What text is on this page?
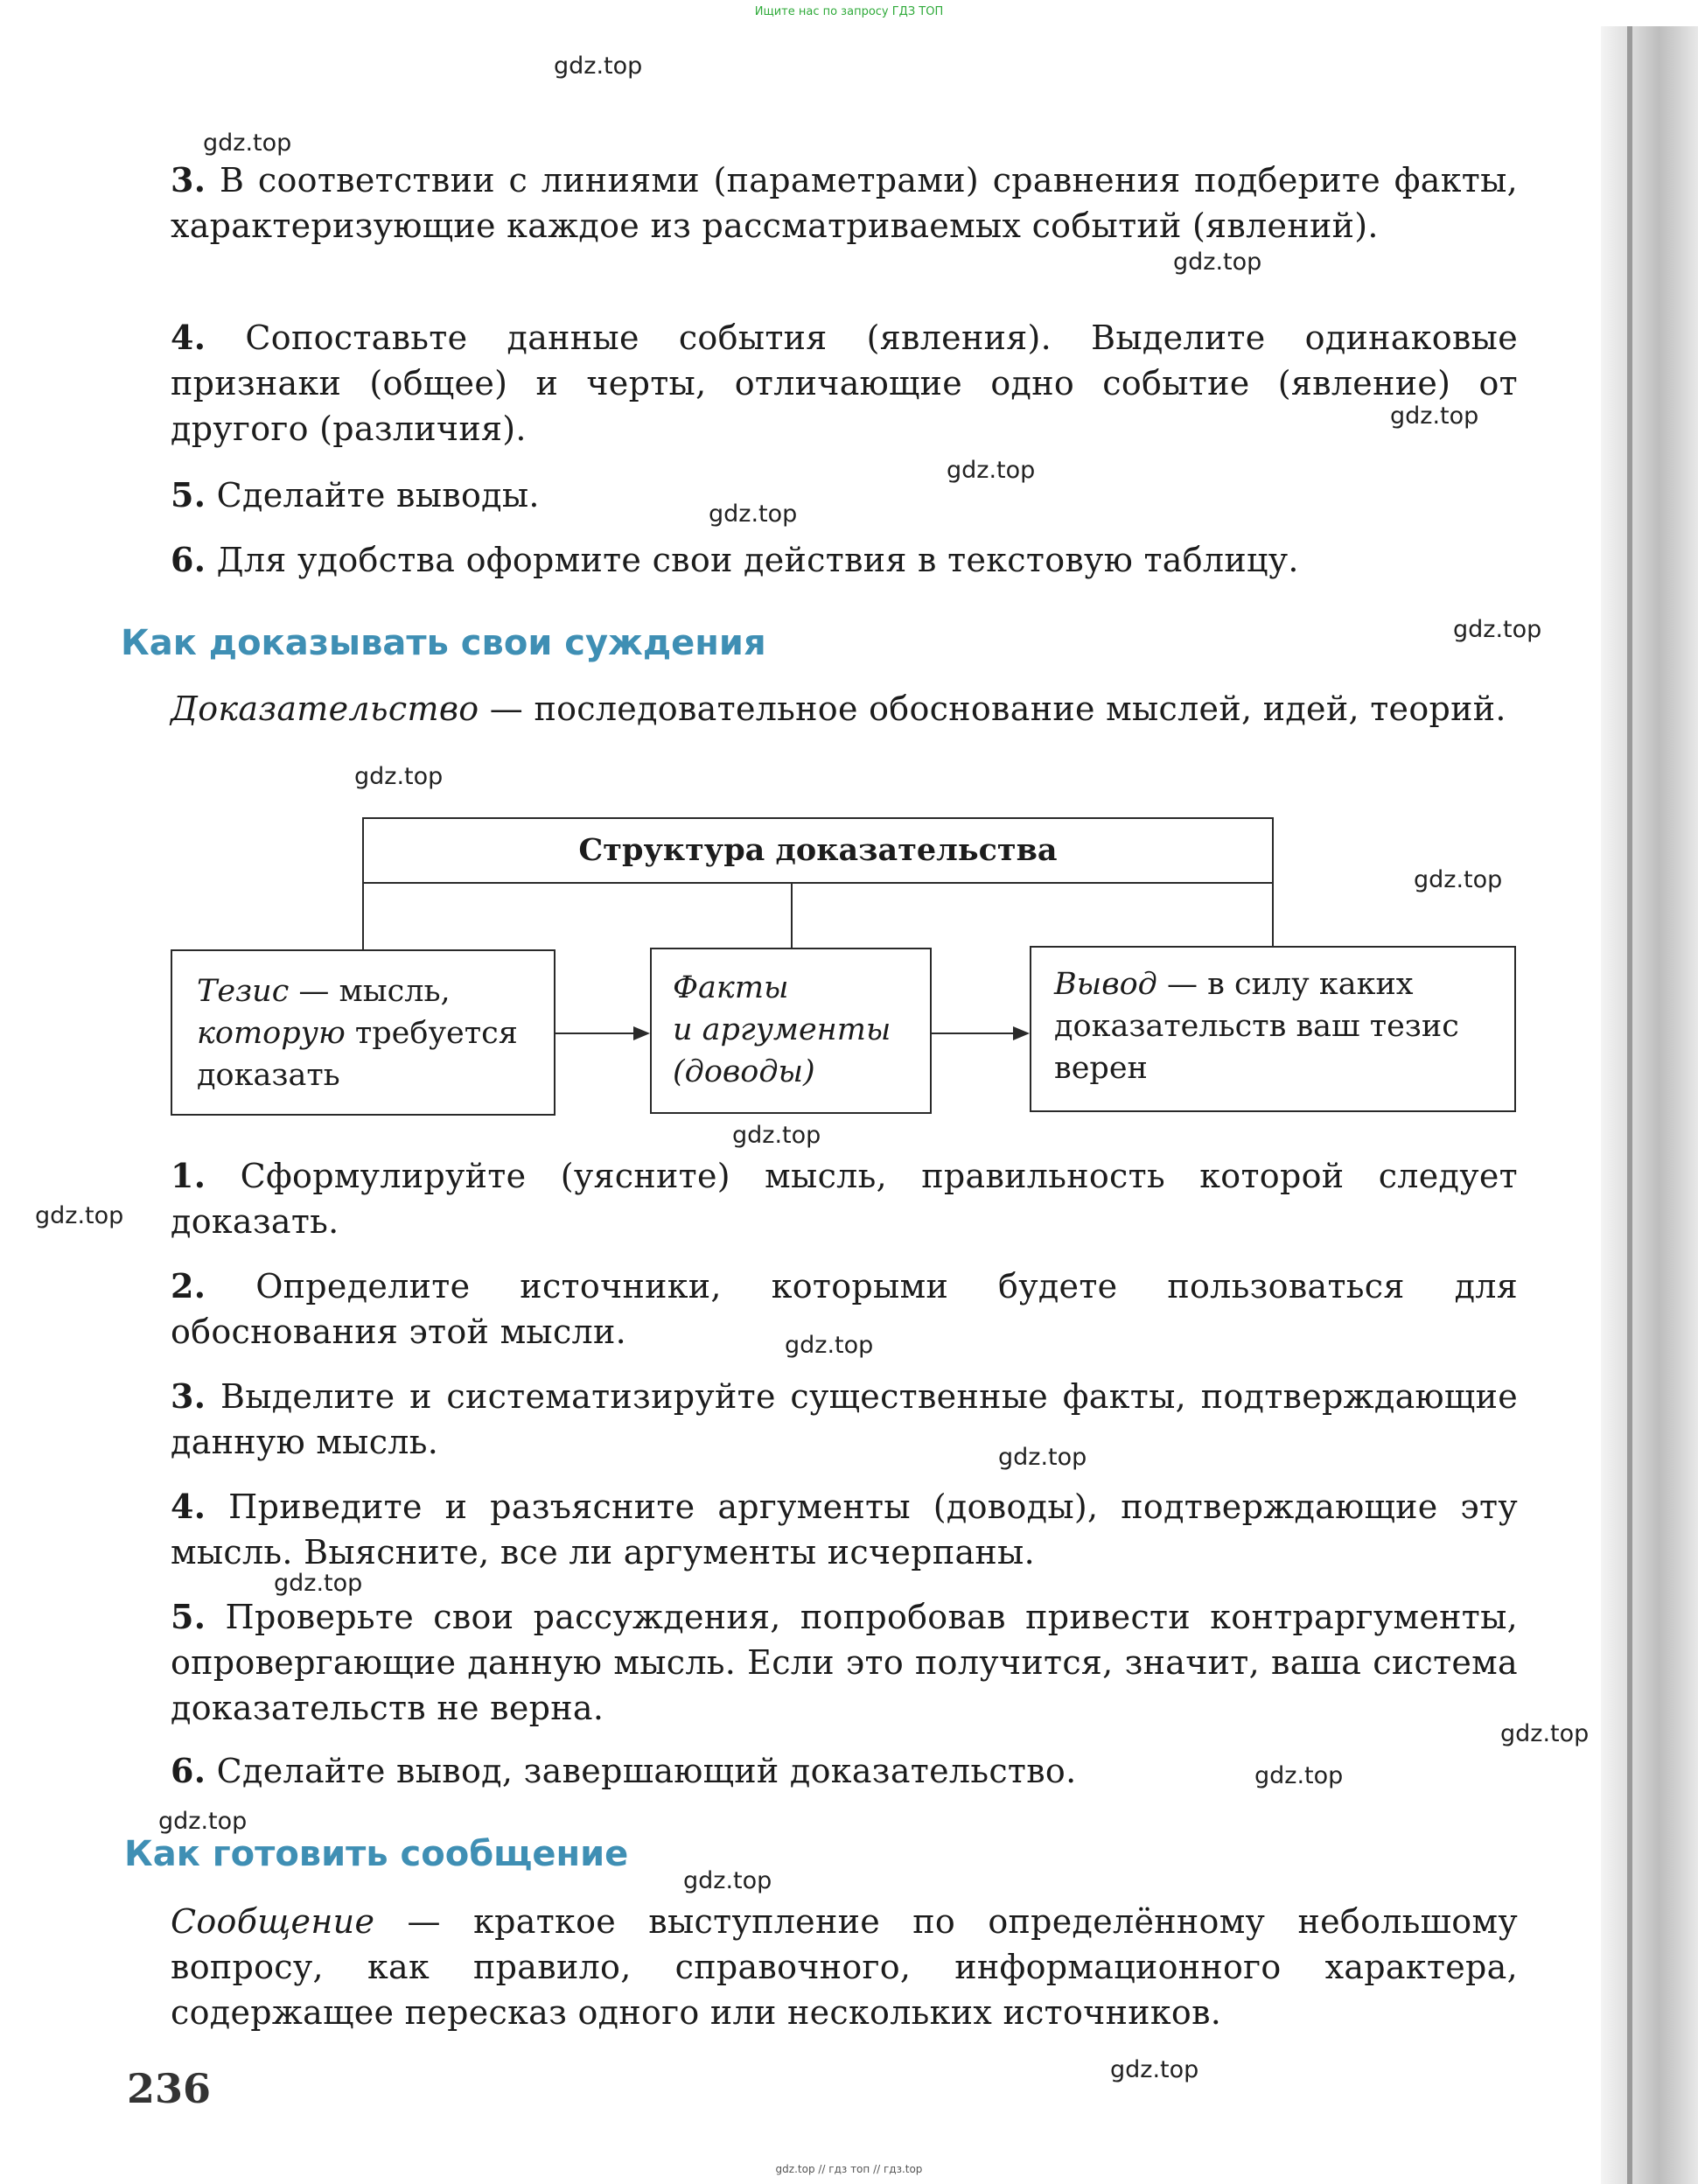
Ищите нас по запросу ГДЗ ТОП
gdz.top
gdz.top
gdz.top
gdz.top
gdz.top
gdz.top
gdz.top
gdz.top
gdz.top
gdz.top
gdz.top
gdz.top
gdz.top
gdz.top
gdz.top
gdz.top
gdz.top
gdz.top
gdz.top
3. В соответствии с линиями (параметрами) сравнения подберите факты, характеризующие каждое из рассматриваемых событий (явлений).
4. Сопоставьте данные события (явления). Выделите одинаковые признаки (общее) и черты, отличающие одно событие (явление) от другого (различия).
5. Сделайте выводы.
6. Для удобства оформите свои действия в текстовую таблицу.
Как доказывать свои суждения
Доказательство — последовательное обоснование мыслей, идей, теорий.
Структура доказательства
Тезис — мысль,
которую требуется
доказать
Факты
и аргументы
(доводы)
Вывод — в силу каких
доказательств ваш тезис
верен
1. Сформулируйте (уясните) мысль, правильность которой следует доказать.
2. Определите источники, которыми будете пользоваться для обоснования этой мысли.
3. Выделите и систематизируйте существенные факты, подтверждающие данную мысль.
4. Приведите и разъясните аргументы (доводы), подтверждающие эту мысль. Выясните, все ли аргументы исчерпаны.
5. Проверьте свои рассуждения, попробовав привести контраргументы, опровергающие данную мысль. Если это получится, значит, ваша система доказательств не верна.
6. Сделайте вывод, завершающий доказательство.
Как готовить сообщение
Сообщение — краткое выступление по определённому небольшому вопросу, как правило, справочного, информационного характера, содержащее пересказ одного или нескольких источников.
236
gdz.top // гдз топ // гдз.top
